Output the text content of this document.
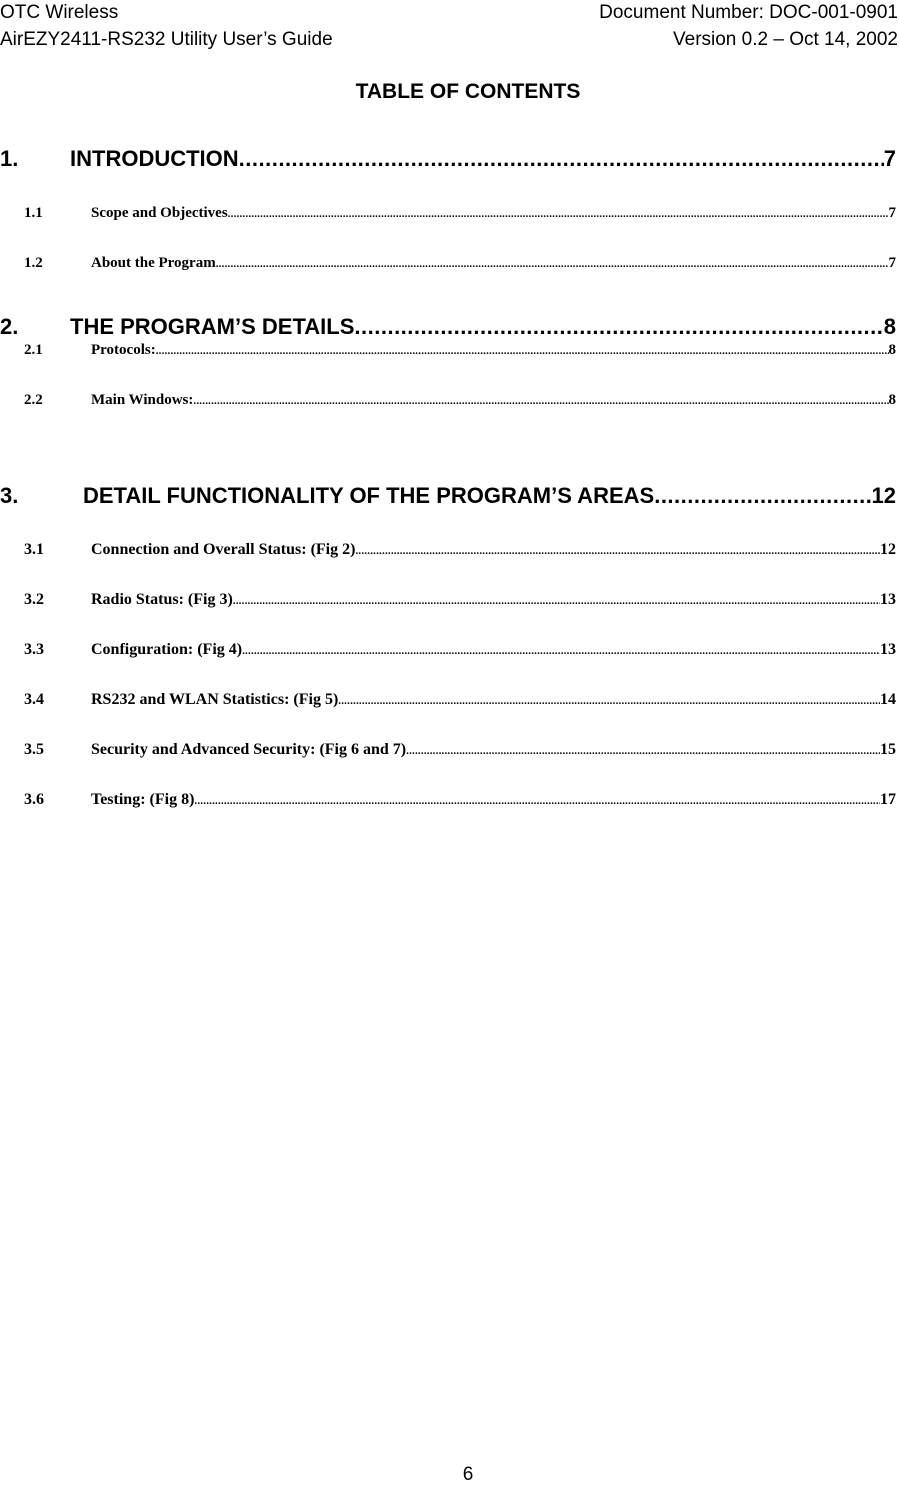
OTC Wireless	Document Number: DOC-001-0901
AirEZY2411-RS232 Utility User’s Guide	Version 0.2 – Oct 14, 2002
TABLE OF CONTENTS
1.	INTRODUCTION .....	7
1.1	Scope and Objectives .....	7
1.2	About the Program .....	7
2.	THE PROGRAM’S DETAILS .....	8
2.1	Protocols: .....	8
2.2	Main Windows: .....	8
3.	DETAIL FUNCTIONALITY OF THE PROGRAM’S AREAS .....	12
3.1	Connection and Overall Status: (Fig 2) .....	12
3.2	Radio Status: (Fig 3) .....	13
3.3	Configuration: (Fig 4) .....	13
3.4	RS232 and WLAN Statistics: (Fig 5) .....	14
3.5	Security and Advanced Security: (Fig 6 and 7) .....	15
3.6	Testing: (Fig 8) .....	17
6
